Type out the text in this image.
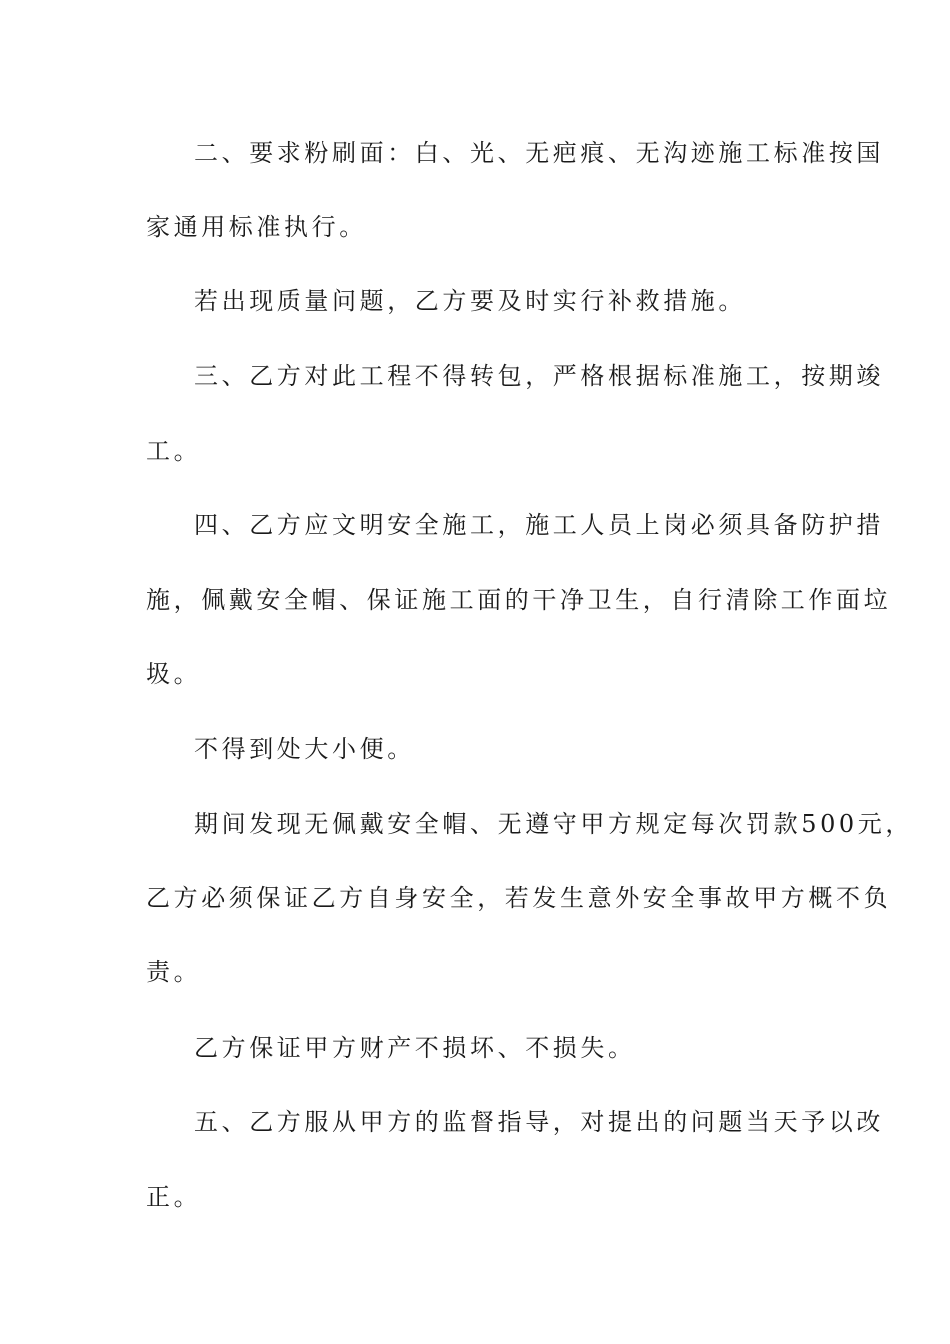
二、要求粉刷面：白、光、无疤痕、无沟迹施工标准按国
家通用标准执行。
若出现质量问题，乙方要及时实行补救措施。
三、乙方对此工程不得转包，严格根据标准施工，按期竣
工。
四、乙方应文明安全施工，施工人员上岗必须具备防护措
施，佩戴安全帽、保证施工面的干净卫生，自行清除工作面垃
圾。
不得到处大小便。
期间发现无佩戴安全帽、无遵守甲方规定每次罚款500元，
乙方必须保证乙方自身安全，若发生意外安全事故甲方概不负
责。
乙方保证甲方财产不损坏、不损失。
五、乙方服从甲方的监督指导，对提出的问题当天予以改
正。
